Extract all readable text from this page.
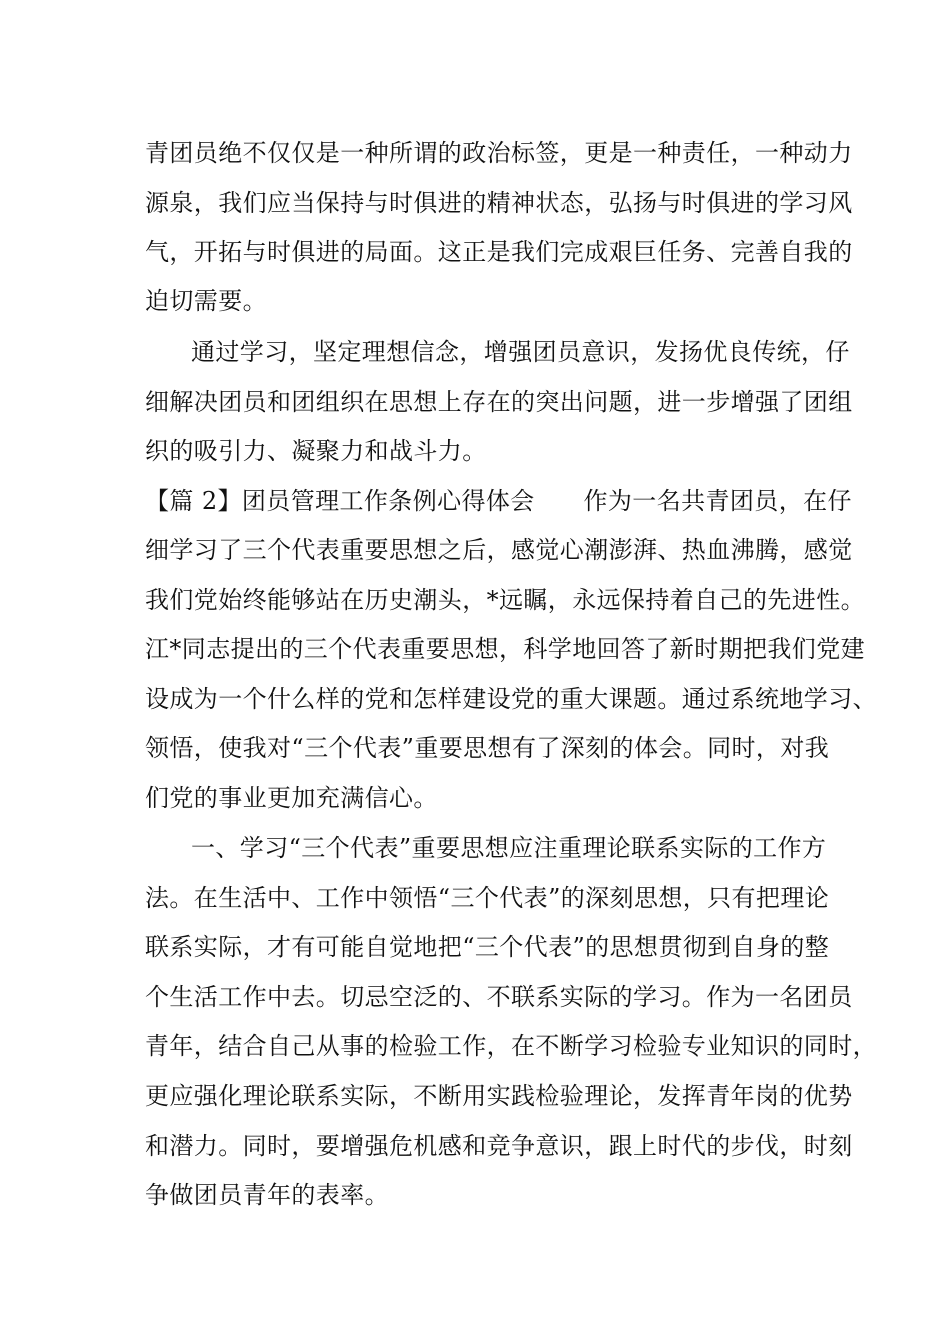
青团员绝不仅仅是一种所谓的政治标签，更是一种责任，一种动力
源泉，我们应当保持与时俱进的精神状态，弘扬与时俱进的学习风
气，开拓与时俱进的局面。这正是我们完成艰巨任务、完善自我的
迫切需要。
通过学习，坚定理想信念，增强团员意识，发扬优良传统，仔
细解决团员和团组织在思想上存在的突出问题，进一步增强了团组
织的吸引力、凝聚力和战斗力。
【篇 2】团员管理工作条例心得体会　　作为一名共青团员，在仔
细学习了三个代表重要思想之后，感觉心潮澎湃、热血沸腾，感觉
我们党始终能够站在历史潮头，*远瞩，永远保持着自己的先进性。
江*同志提出的三个代表重要思想，科学地回答了新时期把我们党建
设成为一个什么样的党和怎样建设党的重大课题。通过系统地学习、
领悟，使我对“三个代表”重要思想有了深刻的体会。同时，对我
们党的事业更加充满信心。
一、学习“三个代表”重要思想应注重理论联系实际的工作方
法。在生活中、工作中领悟“三个代表”的深刻思想，只有把理论
联系实际，才有可能自觉地把“三个代表”的思想贯彻到自身的整
个生活工作中去。切忌空泛的、不联系实际的学习。作为一名团员
青年，结合自己从事的检验工作，在不断学习检验专业知识的同时，
更应强化理论联系实际，不断用实践检验理论，发挥青年岗的优势
和潜力。同时，要增强危机感和竞争意识，跟上时代的步伐，时刻
争做团员青年的表率。
